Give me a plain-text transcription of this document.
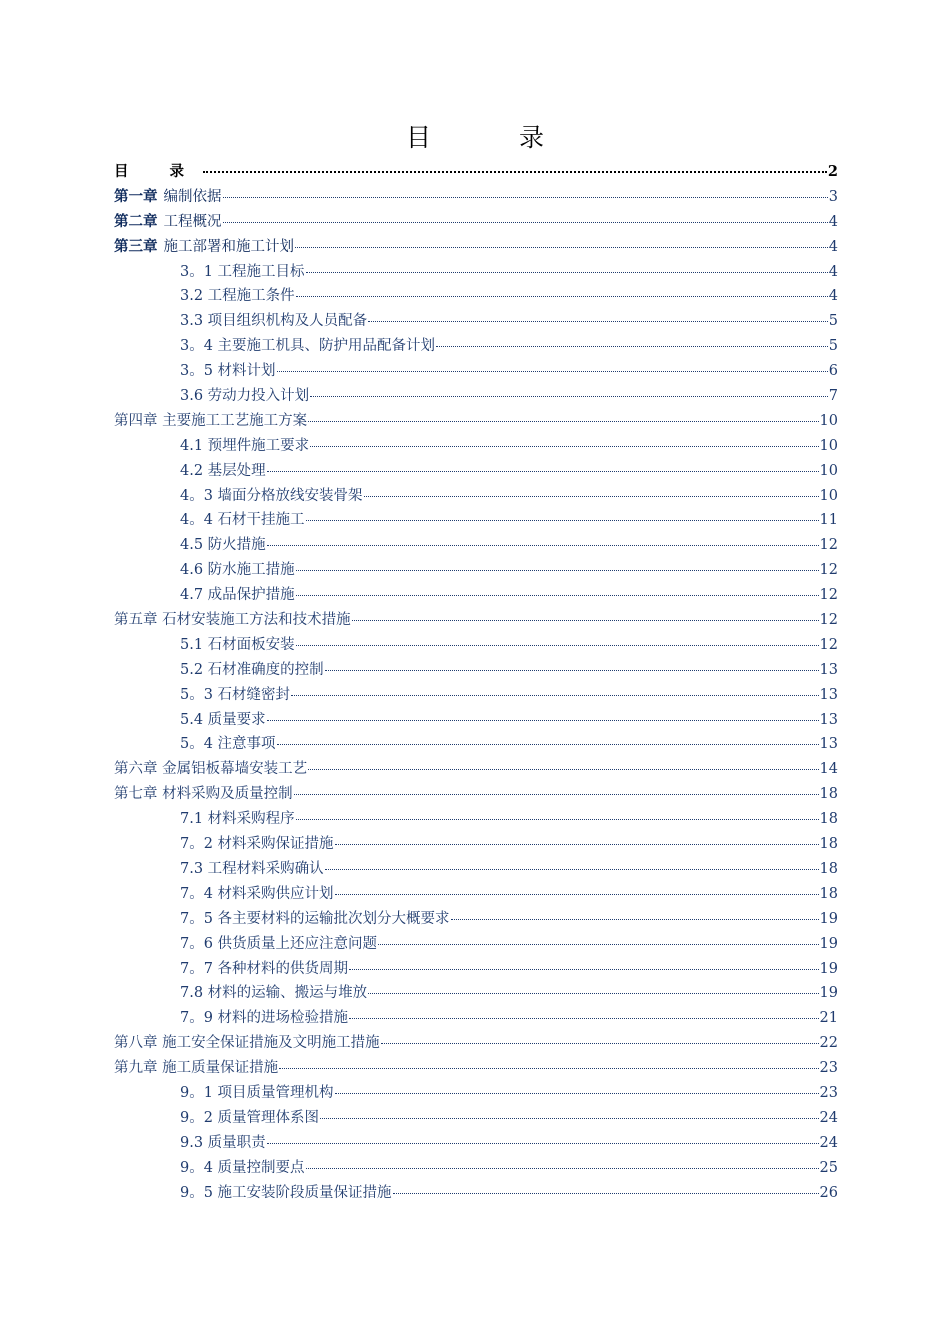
目 录
目 录	2
第一章 编制依据	3
第二章 工程概况	4
第三章 施工部署和施工计划	4
3。1 工程施工目标	4
3.2 工程施工条件	4
3.3 项目组织机构及人员配备	5
3。4 主要施工机具、防护用品配备计划	5
3。5 材料计划	6
3.6 劳动力投入计划	7
第四章 主要施工工艺施工方案	10
4.1 预埋件施工要求	10
4.2 基层处理	10
4。3 墙面分格放线安装骨架	10
4。4 石材干挂施工	11
4.5 防火措施	12
4.6 防水施工措施	12
4.7 成品保护措施	12
第五章 石材安装施工方法和技术措施	12
5.1 石材面板安装	12
5.2 石材准确度的控制	13
5。3 石材缝密封	13
5.4 质量要求	13
5。4 注意事项	13
第六章 金属铝板幕墙安装工艺	14
第七章 材料采购及质量控制	18
7.1 材料采购程序	18
7。2 材料采购保证措施	18
7.3 工程材料采购确认	18
7。4 材料采购供应计划	18
7。5 各主要材料的运输批次划分大概要求	19
7。6 供货质量上还应注意问题	19
7。7 各种材料的供货周期	19
7.8 材料的运输、搬运与堆放	19
7。9 材料的进场检验措施	21
第八章 施工安全保证措施及文明施工措施	22
第九章 施工质量保证措施	23
9。1 项目质量管理机构	23
9。2 质量管理体系图	24
9.3 质量职责	24
9。4 质量控制要点	25
9。5 施工安装阶段质量保证措施	26
